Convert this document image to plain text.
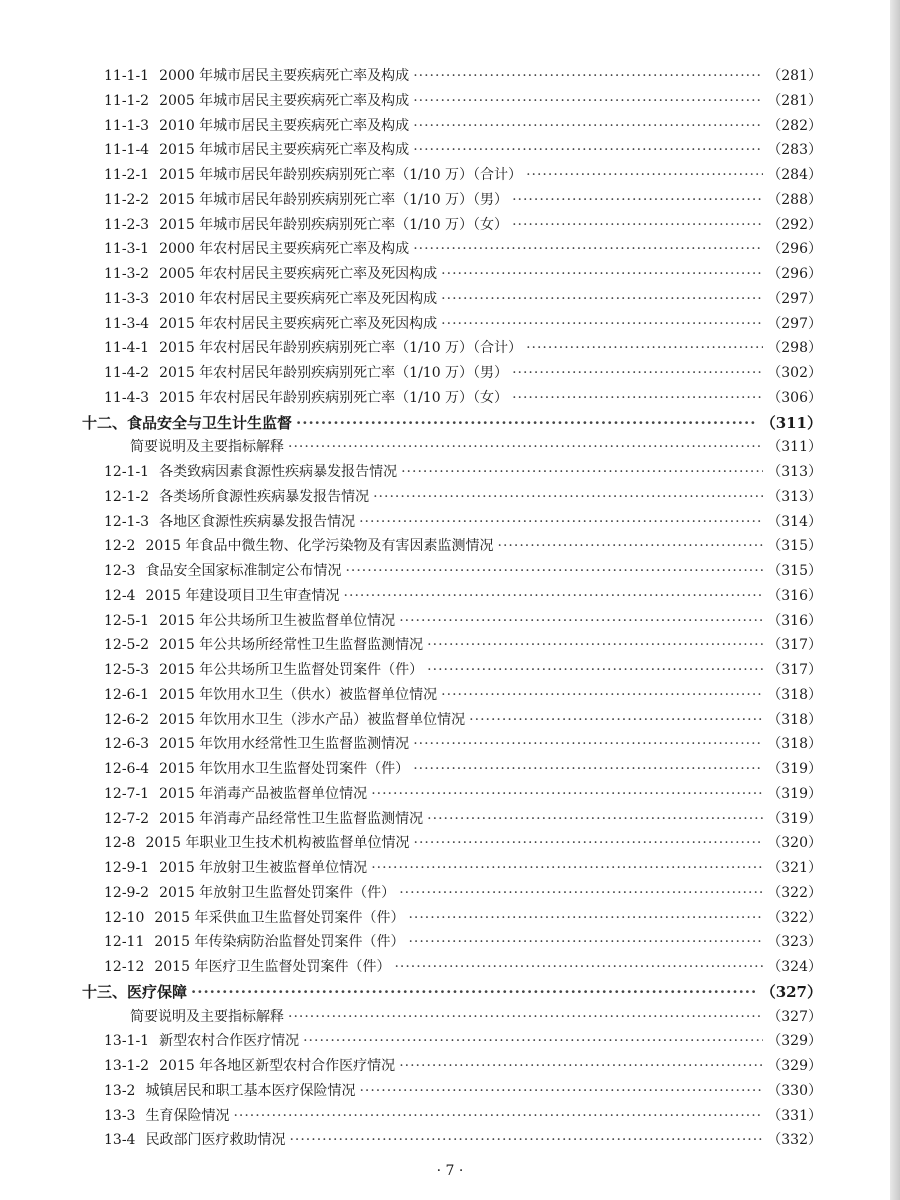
11-1-1 2000 年城市居民主要疾病死亡率及构成 ·····	（281）
11-1-2 2005 年城市居民主要疾病死亡率及构成 ·····	（281）
11-1-3 2010 年城市居民主要疾病死亡率及构成 ·····	（282）
11-1-4 2015 年城市居民主要疾病死亡率及构成 ·····	（283）
11-2-1 2015 年城市居民年龄别疾病别死亡率（1/10 万）（合计） ·····	（284）
11-2-2 2015 年城市居民年龄别疾病别死亡率（1/10 万）（男） ·····	（288）
11-2-3 2015 年城市居民年龄别疾病别死亡率（1/10 万）（女） ·····	（292）
11-3-1 2000 年农村居民主要疾病死亡率及构成 ·····	（296）
11-3-2 2005 年农村居民主要疾病死亡率及死因构成 ·····	（296）
11-3-3 2010 年农村居民主要疾病死亡率及死因构成 ·····	（297）
11-3-4 2015 年农村居民主要疾病死亡率及死因构成 ·····	（297）
11-4-1 2015 年农村居民年龄别疾病别死亡率（1/10 万）（合计） ·····	（298）
11-4-2 2015 年农村居民年龄别疾病别死亡率（1/10 万）（男） ·····	（302）
11-4-3 2015 年农村居民年龄别疾病别死亡率（1/10 万）（女） ·····	（306）
十二、食品安全与卫生计生监督 ·····	（311）
简要说明及主要指标解释 ·····	（311）
12-1-1 各类致病因素食源性疾病暴发报告情况 ·····	（313）
12-1-2 各类场所食源性疾病暴发报告情况 ·····	（313）
12-1-3 各地区食源性疾病暴发报告情况 ·····	（314）
12-2 2015 年食品中微生物、化学污染物及有害因素监测情况 ·····	（315）
12-3 食品安全国家标准制定公布情况 ·····	（315）
12-4 2015 年建设项目卫生审查情况 ·····	（316）
12-5-1 2015 年公共场所卫生被监督单位情况 ·····	（316）
12-5-2 2015 年公共场所经常性卫生监督监测情况 ·····	（317）
12-5-3 2015 年公共场所卫生监督处罚案件（件） ·····	（317）
12-6-1 2015 年饮用水卫生（供水）被监督单位情况 ·····	（318）
12-6-2 2015 年饮用水卫生（涉水产品）被监督单位情况 ·····	（318）
12-6-3 2015 年饮用水经常性卫生监督监测情况 ·····	（318）
12-6-4 2015 年饮用水卫生监督处罚案件（件） ·····	（319）
12-7-1 2015 年消毒产品被监督单位情况 ·····	（319）
12-7-2 2015 年消毒产品经常性卫生监督监测情况 ·····	（319）
12-8 2015 年职业卫生技术机构被监督单位情况 ·····	（320）
12-9-1 2015 年放射卫生被监督单位情况 ·····	（321）
12-9-2 2015 年放射卫生监督处罚案件（件） ·····	（322）
12-10 2015 年采供血卫生监督处罚案件（件） ·····	（322）
12-11 2015 年传染病防治监督处罚案件（件） ·····	（323）
12-12 2015 年医疗卫生监督处罚案件（件） ·····	（324）
十三、医疗保障 ·····	（327）
简要说明及主要指标解释 ·····	（327）
13-1-1 新型农村合作医疗情况 ·····	（329）
13-1-2 2015 年各地区新型农村合作医疗情况 ·····	（329）
13-2 城镇居民和职工基本医疗保险情况 ·····	（330）
13-3 生育保险情况 ·····	（331）
13-4 民政部门医疗救助情况 ·····	（332）
· 7 ·
